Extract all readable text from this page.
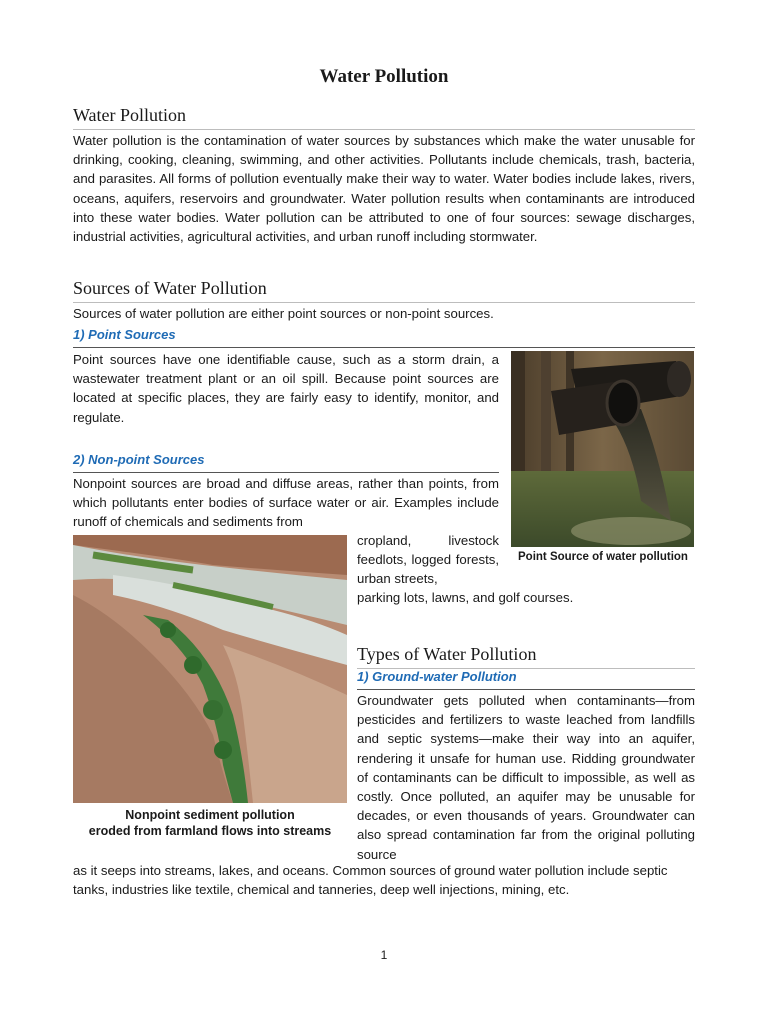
Water Pollution
Water Pollution

Water pollution is the contamination of water sources by substances which make the water unusable for drinking, cooking, cleaning, swimming, and other activities. Pollutants include chemicals, trash, bacteria, and parasites. All forms of pollution eventually make their way to water. Water bodies include lakes, rivers, oceans, aquifers, reservoirs and groundwater. Water pollution results when contaminants are introduced into these water bodies. Water pollution can be attributed to one of four sources: sewage discharges, industrial activities, agricultural activities, and urban runoff including stormwater.

Sources of Water Pollution

Sources of water pollution are either point sources or non-point sources.

1) Point Sources

Point sources have one identifiable cause, such as a storm drain, a wastewater treatment plant or an oil spill. Because point sources are located at specific places, they are fairly easy to identify, monitor, and regulate.

2) Non-point Sources

Nonpoint sources are broad and diffuse areas, rather than points, from which pollutants enter bodies of surface water or air. Examples include runoff of chemicals and sediments from

cropland, livestock feedlots, logged forests, urban streets,

parking lots, lawns, and golf courses.

Point Source of water pollution

Nonpoint sediment pollution
eroded from farmland flows into streams

Types of Water Pollution
1) Ground-water Pollution

Groundwater gets polluted when contaminants—from pesticides and fertilizers to waste leached from landfills and septic systems—make their way into an aquifer, rendering it unsafe for human use. Ridding groundwater of contaminants can be difficult to impossible, as well as costly. Once polluted, an aquifer may be unusable for decades, or even thousands of years. Groundwater can also spread contamination far from the original polluting source

as it seeps into streams, lakes, and oceans. Common sources of ground water pollution include septic tanks, industries like textile, chemical and tanneries, deep well injections, mining, etc.

1
